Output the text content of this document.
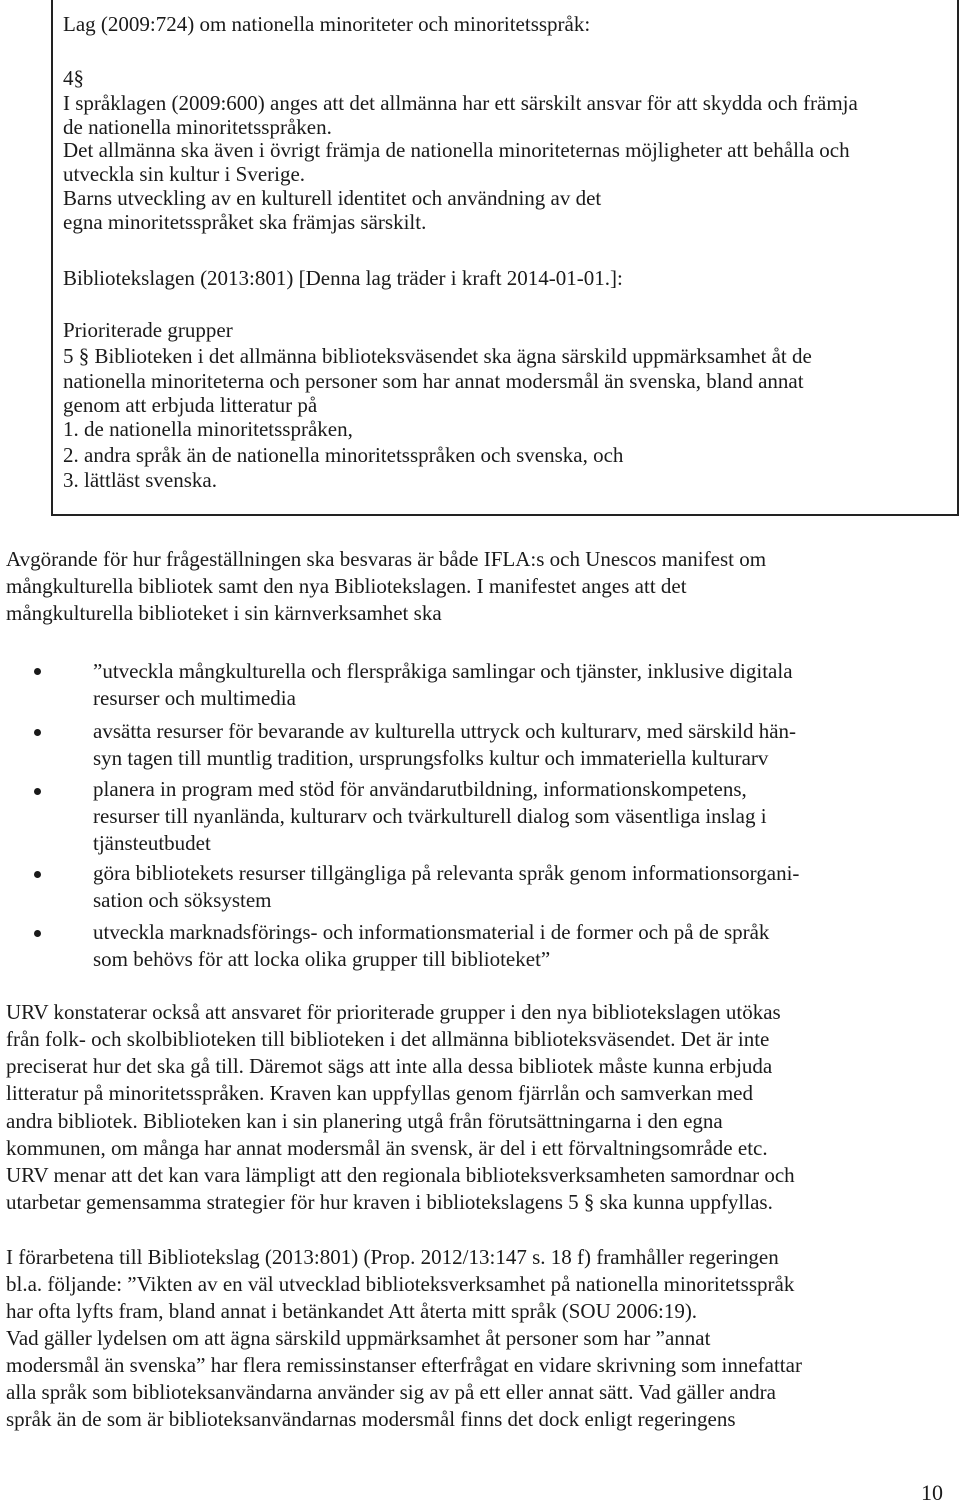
Lag (2009:724) om nationella minoriteter och minoritetsspråk:
4§
I språklagen (2009:600) anges att det allmänna har ett särskilt ansvar för att skydda och främja
de nationella minoritetsspråken.
Det allmänna ska även i övrigt främja de nationella minoriteternas möjligheter att behålla och
utveckla sin kultur i Sverige.
Barns utveckling av en kulturell identitet och användning av det
egna minoritetsspråket ska främjas särskilt.
Bibliotekslagen (2013:801) [Denna lag träder i kraft 2014-01-01.]:
Prioriterade grupper
5 § Biblioteken i det allmänna biblioteksväsendet ska ägna särskild uppmärksamhet åt de
nationella minoriteterna och personer som har annat modersmål än svenska, bland annat
genom att erbjuda litteratur på
1. de nationella minoritetsspråken,
2. andra språk än de nationella minoritetsspråken och svenska, och
3. lättläst svenska.
Avgörande för hur frågeställningen ska besvaras är både IFLA:s och Unescos manifest om
mångkulturella bibliotek samt den nya Bibliotekslagen. I manifestet anges att det
mångkulturella biblioteket i sin kärnverksamhet ska
”utveckla mångkulturella och flerspråkiga samlingar och tjänster, inklusive digitala
resurser och multimedia
avsätta resurser för bevarande av kulturella uttryck och kulturarv, med särskild hän-
syn tagen till muntlig tradition, ursprungsfolks kultur och immateriella kulturarv
planera in program med stöd för användarutbildning, informationskompetens,
resurser till nyanlända, kulturarv och tvärkulturell dialog som väsentliga inslag i
tjänsteutbudet
göra bibliotekets resurser tillgängliga på relevanta språk genom informationsorgani-
sation och söksystem
utveckla marknadsförings- och informationsmaterial i de former och på de språk
som behövs för att locka olika grupper till biblioteket”
URV konstaterar också att ansvaret för prioriterade grupper i den nya bibliotekslagen utökas
från folk- och skolbiblioteken till biblioteken i det allmänna biblioteksväsendet. Det är inte
preciserat hur det ska gå till. Däremot sägs att inte alla dessa bibliotek måste kunna erbjuda
litteratur på minoritetsspråken. Kraven kan uppfyllas genom fjärrlån och samverkan med
andra bibliotek. Biblioteken kan i sin planering utgå från förutsättningarna i den egna
kommunen, om många har annat modersmål än svensk, är del i ett förvaltningsområde etc.
URV menar att det kan vara lämpligt att den regionala biblioteksverksamheten samordnar och
utarbetar gemensamma strategier för hur kraven i bibliotekslagens 5 § ska kunna uppfyllas.
I förarbetena till Bibliotekslag (2013:801) (Prop. 2012/13:147 s. 18 f) framhåller regeringen
bl.a. följande: ”Vikten av en väl utvecklad biblioteksverksamhet på nationella minoritetsspråk
har ofta lyfts fram, bland annat i betänkandet Att återta mitt språk (SOU 2006:19).
Vad gäller lydelsen om att ägna särskild uppmärksamhet åt personer som har ”annat
modersmål än svenska” har flera remissinstanser efterfrågat en vidare skrivning som innefattar
alla språk som biblioteksanvändarna använder sig av på ett eller annat sätt. Vad gäller andra
språk än de som är biblioteksanvändarnas modersmål finns det dock enligt regeringens
10
